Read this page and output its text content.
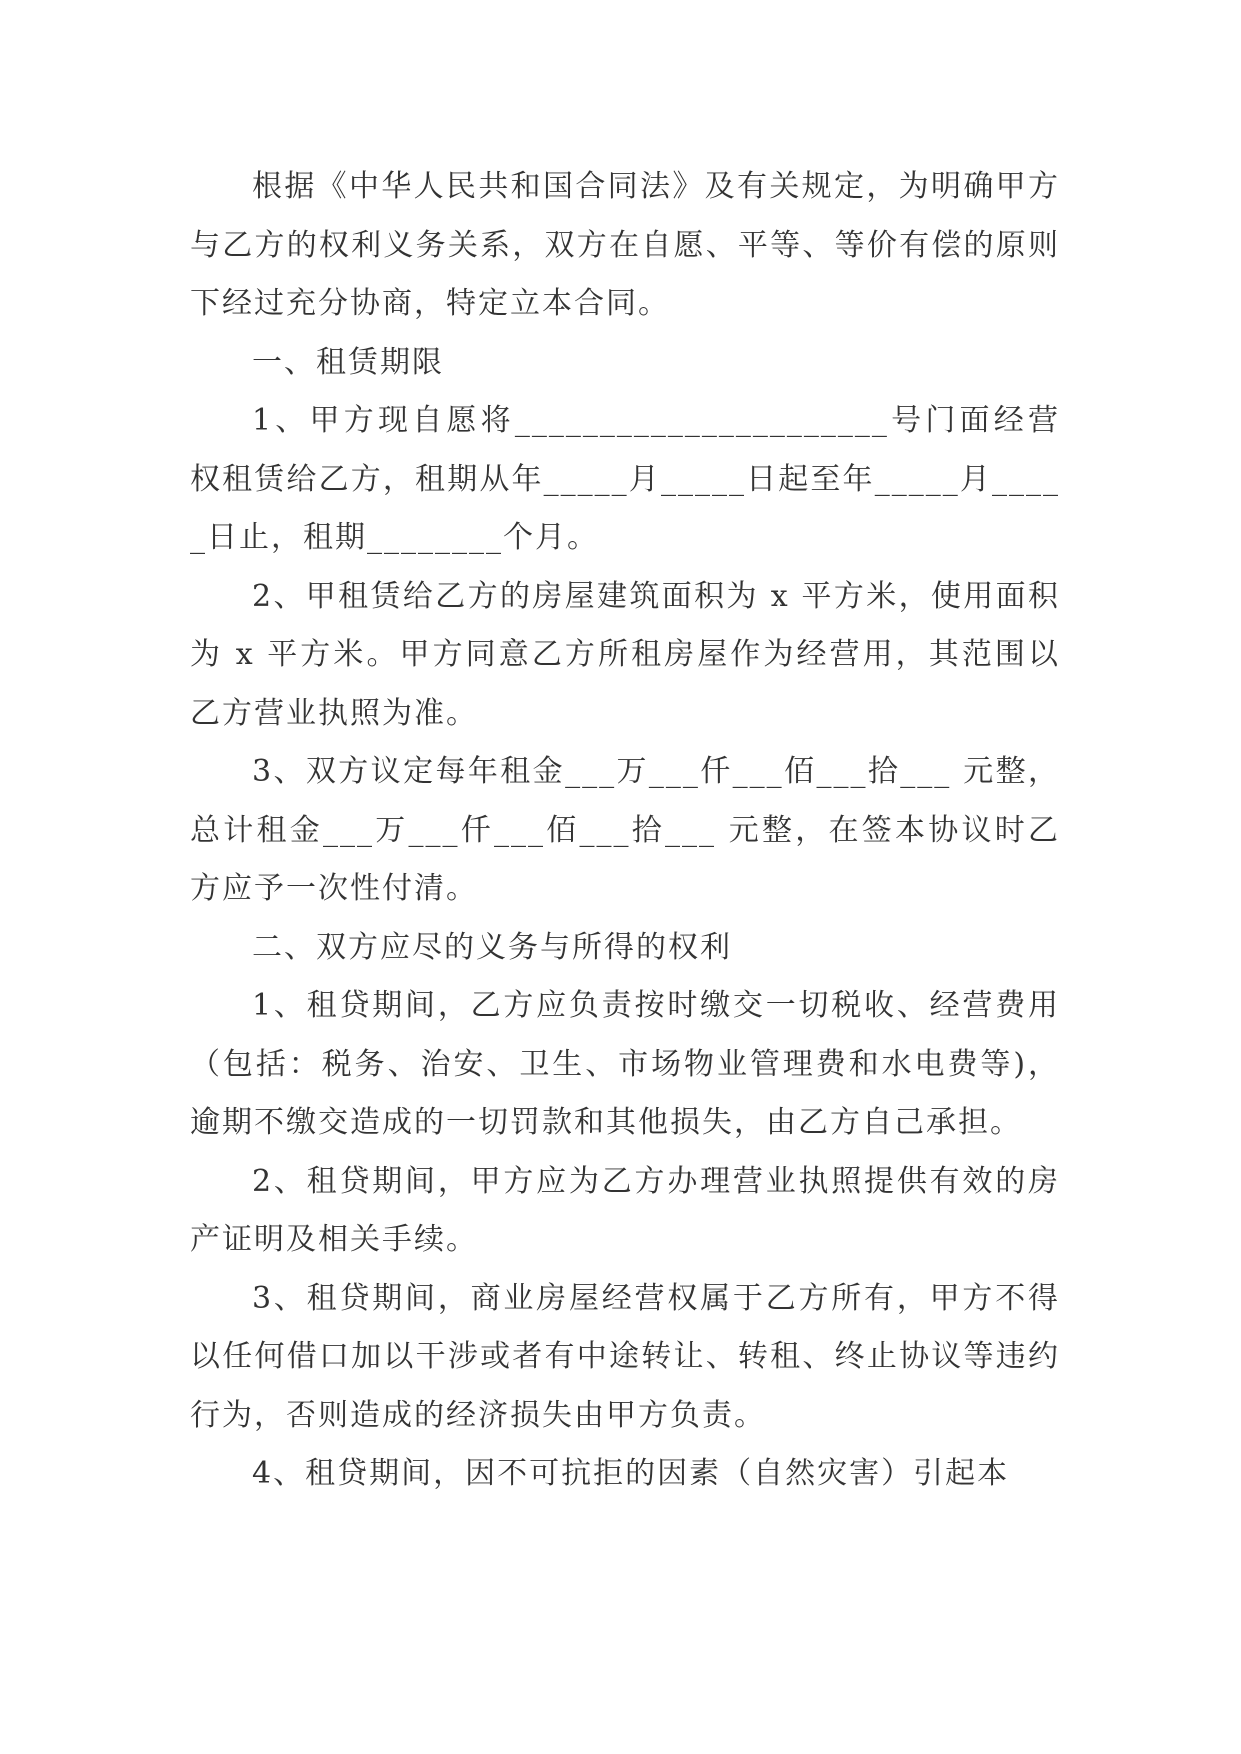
根据《中华人民共和国合同法》及有关规定，为明确甲方与乙方的权利义务关系，双方在自愿、平等、等价有偿的原则下经过充分协商，特定立本合同。

一、租赁期限

1、甲方现自愿将______________________号门面经营权租赁给乙方，租期从年_____月_____日起至年_____月_____日止，租期________个月。

2、甲租赁给乙方的房屋建筑面积为 x 平方米，使用面积为 x 平方米。甲方同意乙方所租房屋作为经营用，其范围以乙方营业执照为准。

3、双方议定每年租金___万___仟___佰___拾___ 元整，总计租金___万___仟___佰___拾___ 元整，在签本协议时乙方应予一次性付清。

二、双方应尽的义务与所得的权利

1、租贷期间，乙方应负责按时缴交一切税收、经营费用（包括：税务、治安、卫生、市场物业管理费和水电费等)，逾期不缴交造成的一切罚款和其他损失，由乙方自己承担。

2、租贷期间，甲方应为乙方办理营业执照提供有效的房产证明及相关手续。

3、租贷期间，商业房屋经营权属于乙方所有，甲方不得以任何借口加以干涉或者有中途转让、转租、终止协议等违约行为，否则造成的经济损失由甲方负责。

4、租贷期间，因不可抗拒的因素（自然灾害）引起本
